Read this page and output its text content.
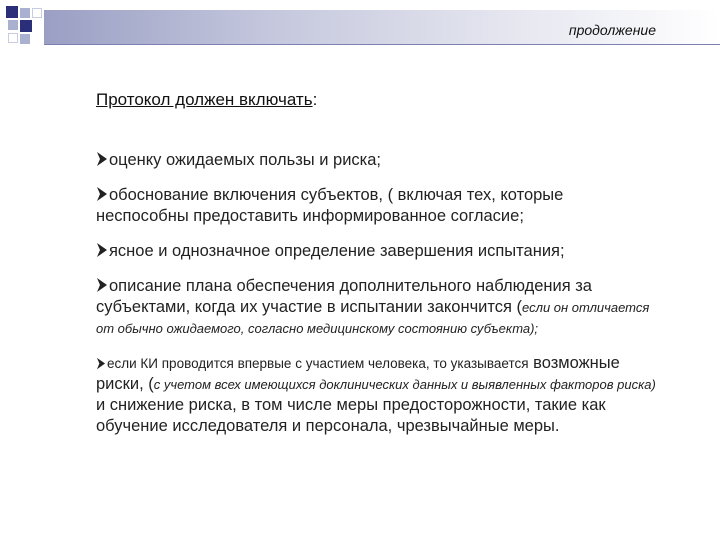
продолжение
Протокол должен включать:
оценку ожидаемых пользы и риска;
обоснование включения субъектов, ( включая тех, которые неспособны предоставить информированное согласие;
ясное и однозначное определение завершения испытания;
описание плана обеспечения дополнительного наблюдения за субъектами, когда их участие в испытании закончится (если он отличается от обычно ожидаемого, согласно медицинскому состоянию субъекта);
если КИ проводится впервые с участием человека, то указывается возможные риски, (с учетом всех имеющихся доклинических данных и выявленных факторов риска) и снижение риска, в том числе меры предосторожности, такие как обучение исследователя и персонала, чрезвычайные меры.
